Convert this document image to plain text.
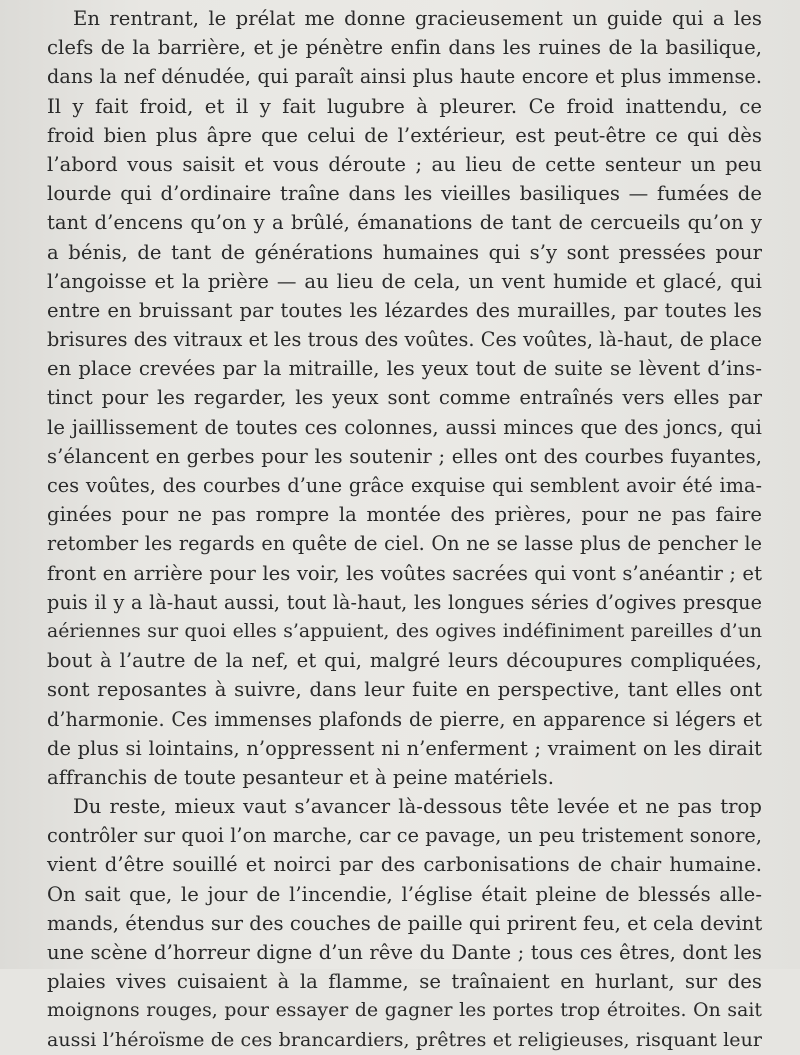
En rentrant, le prélat me donne gracieusement un guide qui a les
clefs de la barrière, et je pénètre enfin dans les ruines de la basilique,
dans la nef dénudée, qui paraît ainsi plus haute encore et plus immense.
Il y fait froid, et il y fait lugubre à pleurer. Ce froid inattendu, ce
froid bien plus âpre que celui de l’extérieur, est peut-être ce qui dès
l’abord vous saisit et vous déroute ; au lieu de cette senteur un peu
lourde qui d’ordinaire traîne dans les vieilles basiliques — fumées de
tant d’encens qu’on y a brûlé, émanations de tant de cercueils qu’on y
a bénis, de tant de générations humaines qui s’y sont pressées pour
l’angoisse et la prière — au lieu de cela, un vent humide et glacé, qui
entre en bruissant par toutes les lézardes des murailles, par toutes les
brisures des vitraux et les trous des voûtes. Ces voûtes, là-haut, de place
en place crevées par la mitraille, les yeux tout de suite se lèvent d’ins-
tinct pour les regarder, les yeux sont comme entraînés vers elles par
le jaillissement de toutes ces colonnes, aussi minces que des joncs, qui
s’élancent en gerbes pour les soutenir ; elles ont des courbes fuyantes,
ces voûtes, des courbes d’une grâce exquise qui semblent avoir été ima-
ginées pour ne pas rompre la montée des prières, pour ne pas faire
retomber les regards en quête de ciel. On ne se lasse plus de pencher le
front en arrière pour les voir, les voûtes sacrées qui vont s’anéantir ; et
puis il y a là-haut aussi, tout là-haut, les longues séries d’ogives presque
aériennes sur quoi elles s’appuient, des ogives indéfiniment pareilles d’un
bout à l’autre de la nef, et qui, malgré leurs découpures compliquées,
sont reposantes à suivre, dans leur fuite en perspective, tant elles ont
d’harmonie. Ces immenses plafonds de pierre, en apparence si légers et
de plus si lointains, n’oppressent ni n’enferment ; vraiment on les dirait
affranchis de toute pesanteur et à peine matériels.
Du reste, mieux vaut s’avancer là-dessous tête levée et ne pas trop
contrôler sur quoi l’on marche, car ce pavage, un peu tristement sonore,
vient d’être souillé et noirci par des carbonisations de chair humaine.
On sait que, le jour de l’incendie, l’église était pleine de blessés alle-
mands, étendus sur des couches de paille qui prirent feu, et cela devint
une scène d’horreur digne d’un rêve du Dante ; tous ces êtres, dont les
plaies vives cuisaient à la flamme, se traînaient en hurlant, sur des
moignons rouges, pour essayer de gagner les portes trop étroites. On sait
aussi l’héroïsme de ces brancardiers, prêtres et religieuses, risquant leur
